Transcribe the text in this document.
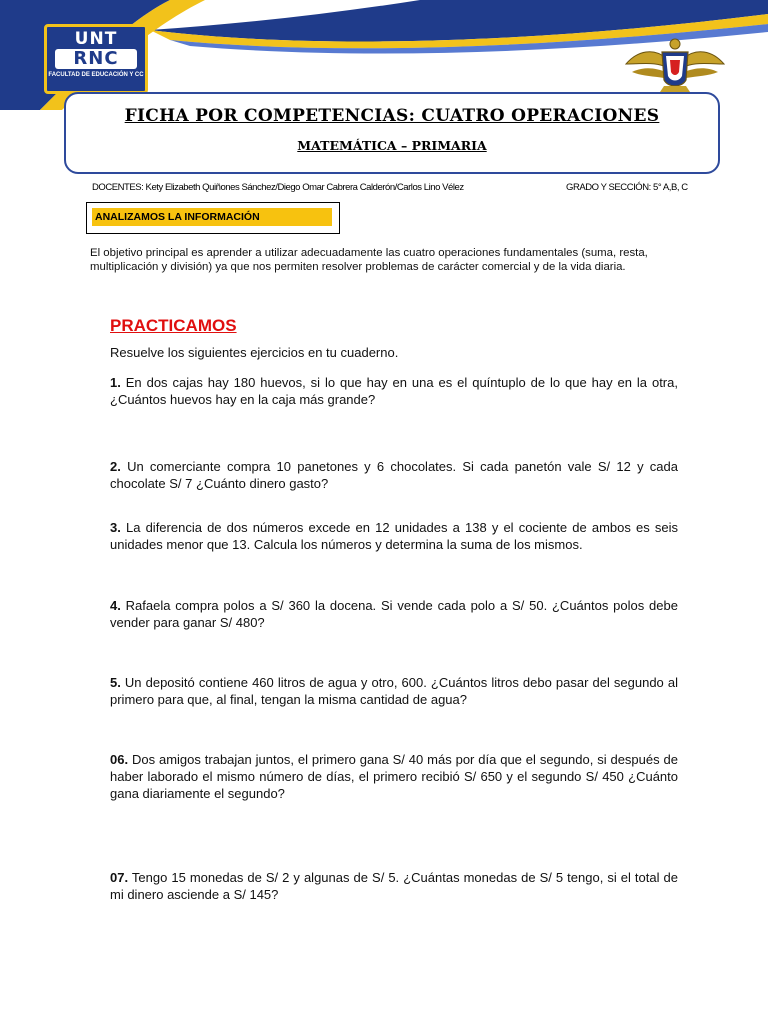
UNT
RNC
FACULTAD DE EDUCACIÓN Y CC
FICHA POR COMPETENCIAS: CUATRO OPERACIONES
MATEMÁTICA – PRIMARIA
DOCENTES: Kety Elizabeth Quiñones Sánchez/Diego Omar Cabrera Calderón/Carlos Lino Vélez	GRADO Y SECCIÓN: 5° A,B, C
ANALIZAMOS LA INFORMACIÓN
El objetivo principal es aprender a utilizar adecuadamente las cuatro operaciones fundamentales (suma, resta, multiplicación y división) ya que nos permiten resolver problemas de carácter comercial y de la vida diaria.
PRACTICAMOS
Resuelve los siguientes ejercicios en tu cuaderno.
1. En dos cajas hay 180 huevos, si lo que hay en una es el quíntuplo de lo que hay en la otra, ¿Cuántos huevos hay en la caja más grande?
2. Un comerciante compra 10 panetones y 6 chocolates. Si cada panetón vale S/ 12 y cada chocolate S/ 7 ¿Cuánto dinero gasto?
3. La diferencia de dos números excede en 12 unidades a 138 y el cociente de ambos es seis unidades menor que 13. Calcula los números y determina la suma de los mismos.
4. Rafaela compra polos a S/ 360 la docena. Si vende cada polo a S/ 50. ¿Cuántos polos debe vender para ganar S/ 480?
5. Un depositó contiene 460 litros de agua y otro, 600. ¿Cuántos litros debo pasar del segundo al primero para que, al final, tengan la misma cantidad de agua?
06. Dos amigos trabajan juntos, el primero gana S/ 40 más por día que el segundo, si después de haber laborado el mismo número de días, el primero recibió S/ 650 y el segundo S/ 450 ¿Cuánto gana diariamente el segundo?
07. Tengo 15 monedas de S/ 2 y algunas de S/ 5. ¿Cuántas monedas de S/ 5 tengo, si el total de mi dinero asciende a S/ 145?
